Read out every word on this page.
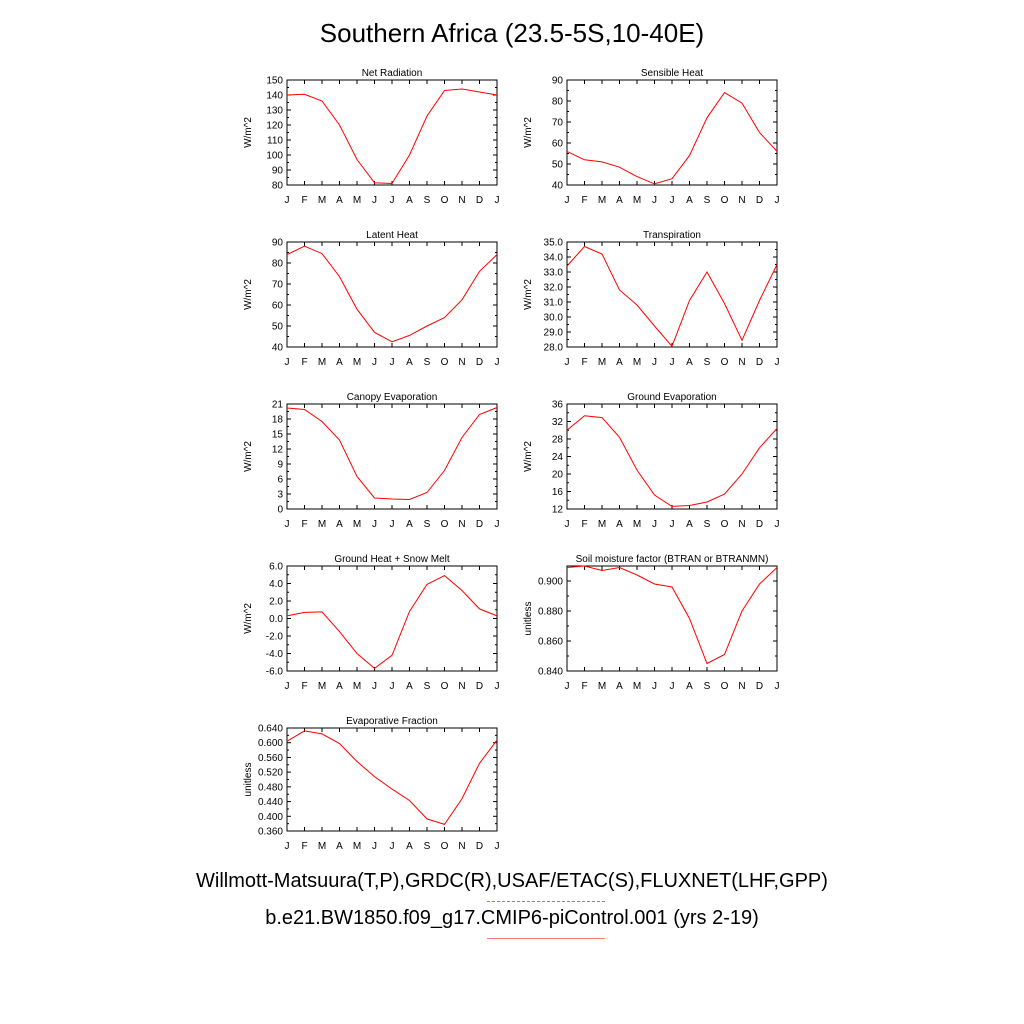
Southern Africa (23.5-5S,10-40E)
Net Radiation
80
90
100
110
120
130
140
150
J F M A M J J A S O N D J
W/m^2
Sensible Heat
40
50
60
70
80
90
J F M A M J J A S O N D J
W/m^2
Latent Heat
40
50
60
70
80
90
J F M A M J J A S O N D J
W/m^2
Transpiration
28.0
29.0
30.0
31.0
32.0
33.0
34.0
35.0
J F M A M J J A S O N D J
W/m^2
Canopy Evaporation
0
3
6
9
12
15
18
21
J F M A M J J A S O N D J
W/m^2
Ground Evaporation
12
16
20
24
28
32
36
J F M A M J J A S O N D J
W/m^2
Ground Heat + Snow Melt
-6.0
-4.0
-2.0
0.0
2.0
4.0
6.0
J F M A M J J A S O N D J
W/m^2
Soil moisture factor (BTRAN or BTRANMN)
0.840
0.860
0.880
0.900
J F M A M J J A S O N D J
unitless
Evaporative Fraction
0.360
0.400
0.440
0.480
0.520
0.560
0.600
0.640
J F M A M J J A S O N D J
unitless
Willmott-Matsuura(T,P),GRDC(R),USAF/ETAC(S),FLUXNET(LHF,GPP)
b.e21.BW1850.f09_g17.CMIP6-piControl.001 (yrs 2-19)
